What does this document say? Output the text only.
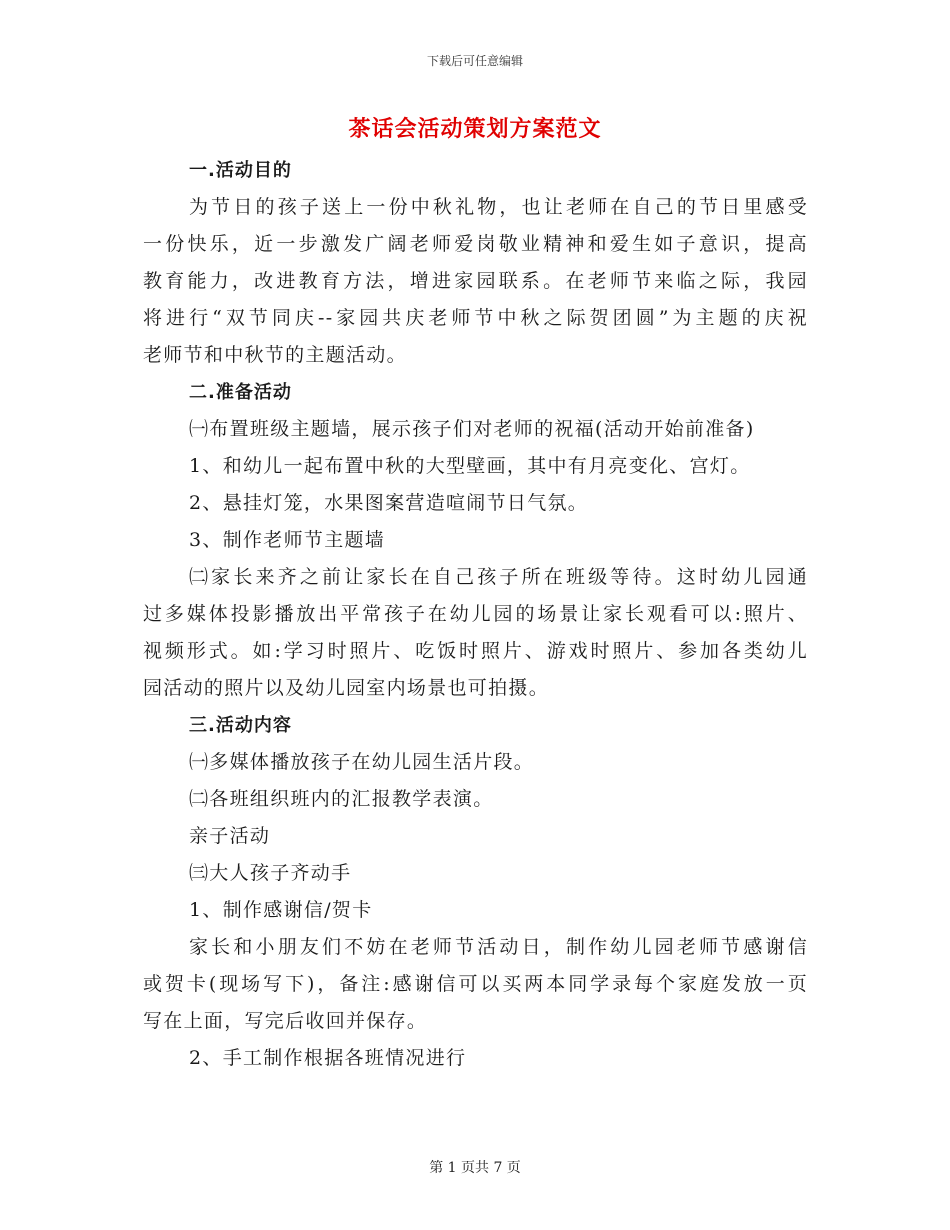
下载后可任意编辑
茶话会活动策划方案范文
一.活动目的
为节日的孩子送上一份中秋礼物，也让老师在自己的节日里感受
一份快乐，近一步激发广阔老师爱岗敬业精神和爱生如子意识，提高
教育能力，改进教育方法，增进家园联系。在老师节来临之际，我园
将进行“双节同庆--家园共庆老师节中秋之际贺团圆”为主题的庆祝
老师节和中秋节的主题活动。
二.准备活动
㈠布置班级主题墙，展示孩子们对老师的祝福(活动开始前准备)
1、和幼儿一起布置中秋的大型壁画，其中有月亮变化、宫灯。
2、悬挂灯笼，水果图案营造喧闹节日气氛。
3、制作老师节主题墙
㈡家长来齐之前让家长在自己孩子所在班级等待。这时幼儿园通
过多媒体投影播放出平常孩子在幼儿园的场景让家长观看可以:照片、
视频形式。如:学习时照片、吃饭时照片、游戏时照片、参加各类幼儿
园活动的照片以及幼儿园室内场景也可拍摄。
三.活动内容
㈠多媒体播放孩子在幼儿园生活片段。
㈡各班组织班内的汇报教学表演。
亲子活动
㈢大人孩子齐动手
1、制作感谢信/贺卡
家长和小朋友们不妨在老师节活动日，制作幼儿园老师节感谢信
或贺卡(现场写下)，备注:感谢信可以买两本同学录每个家庭发放一页
写在上面，写完后收回并保存。
2、手工制作根据各班情况进行
第 1 页共 7 页
